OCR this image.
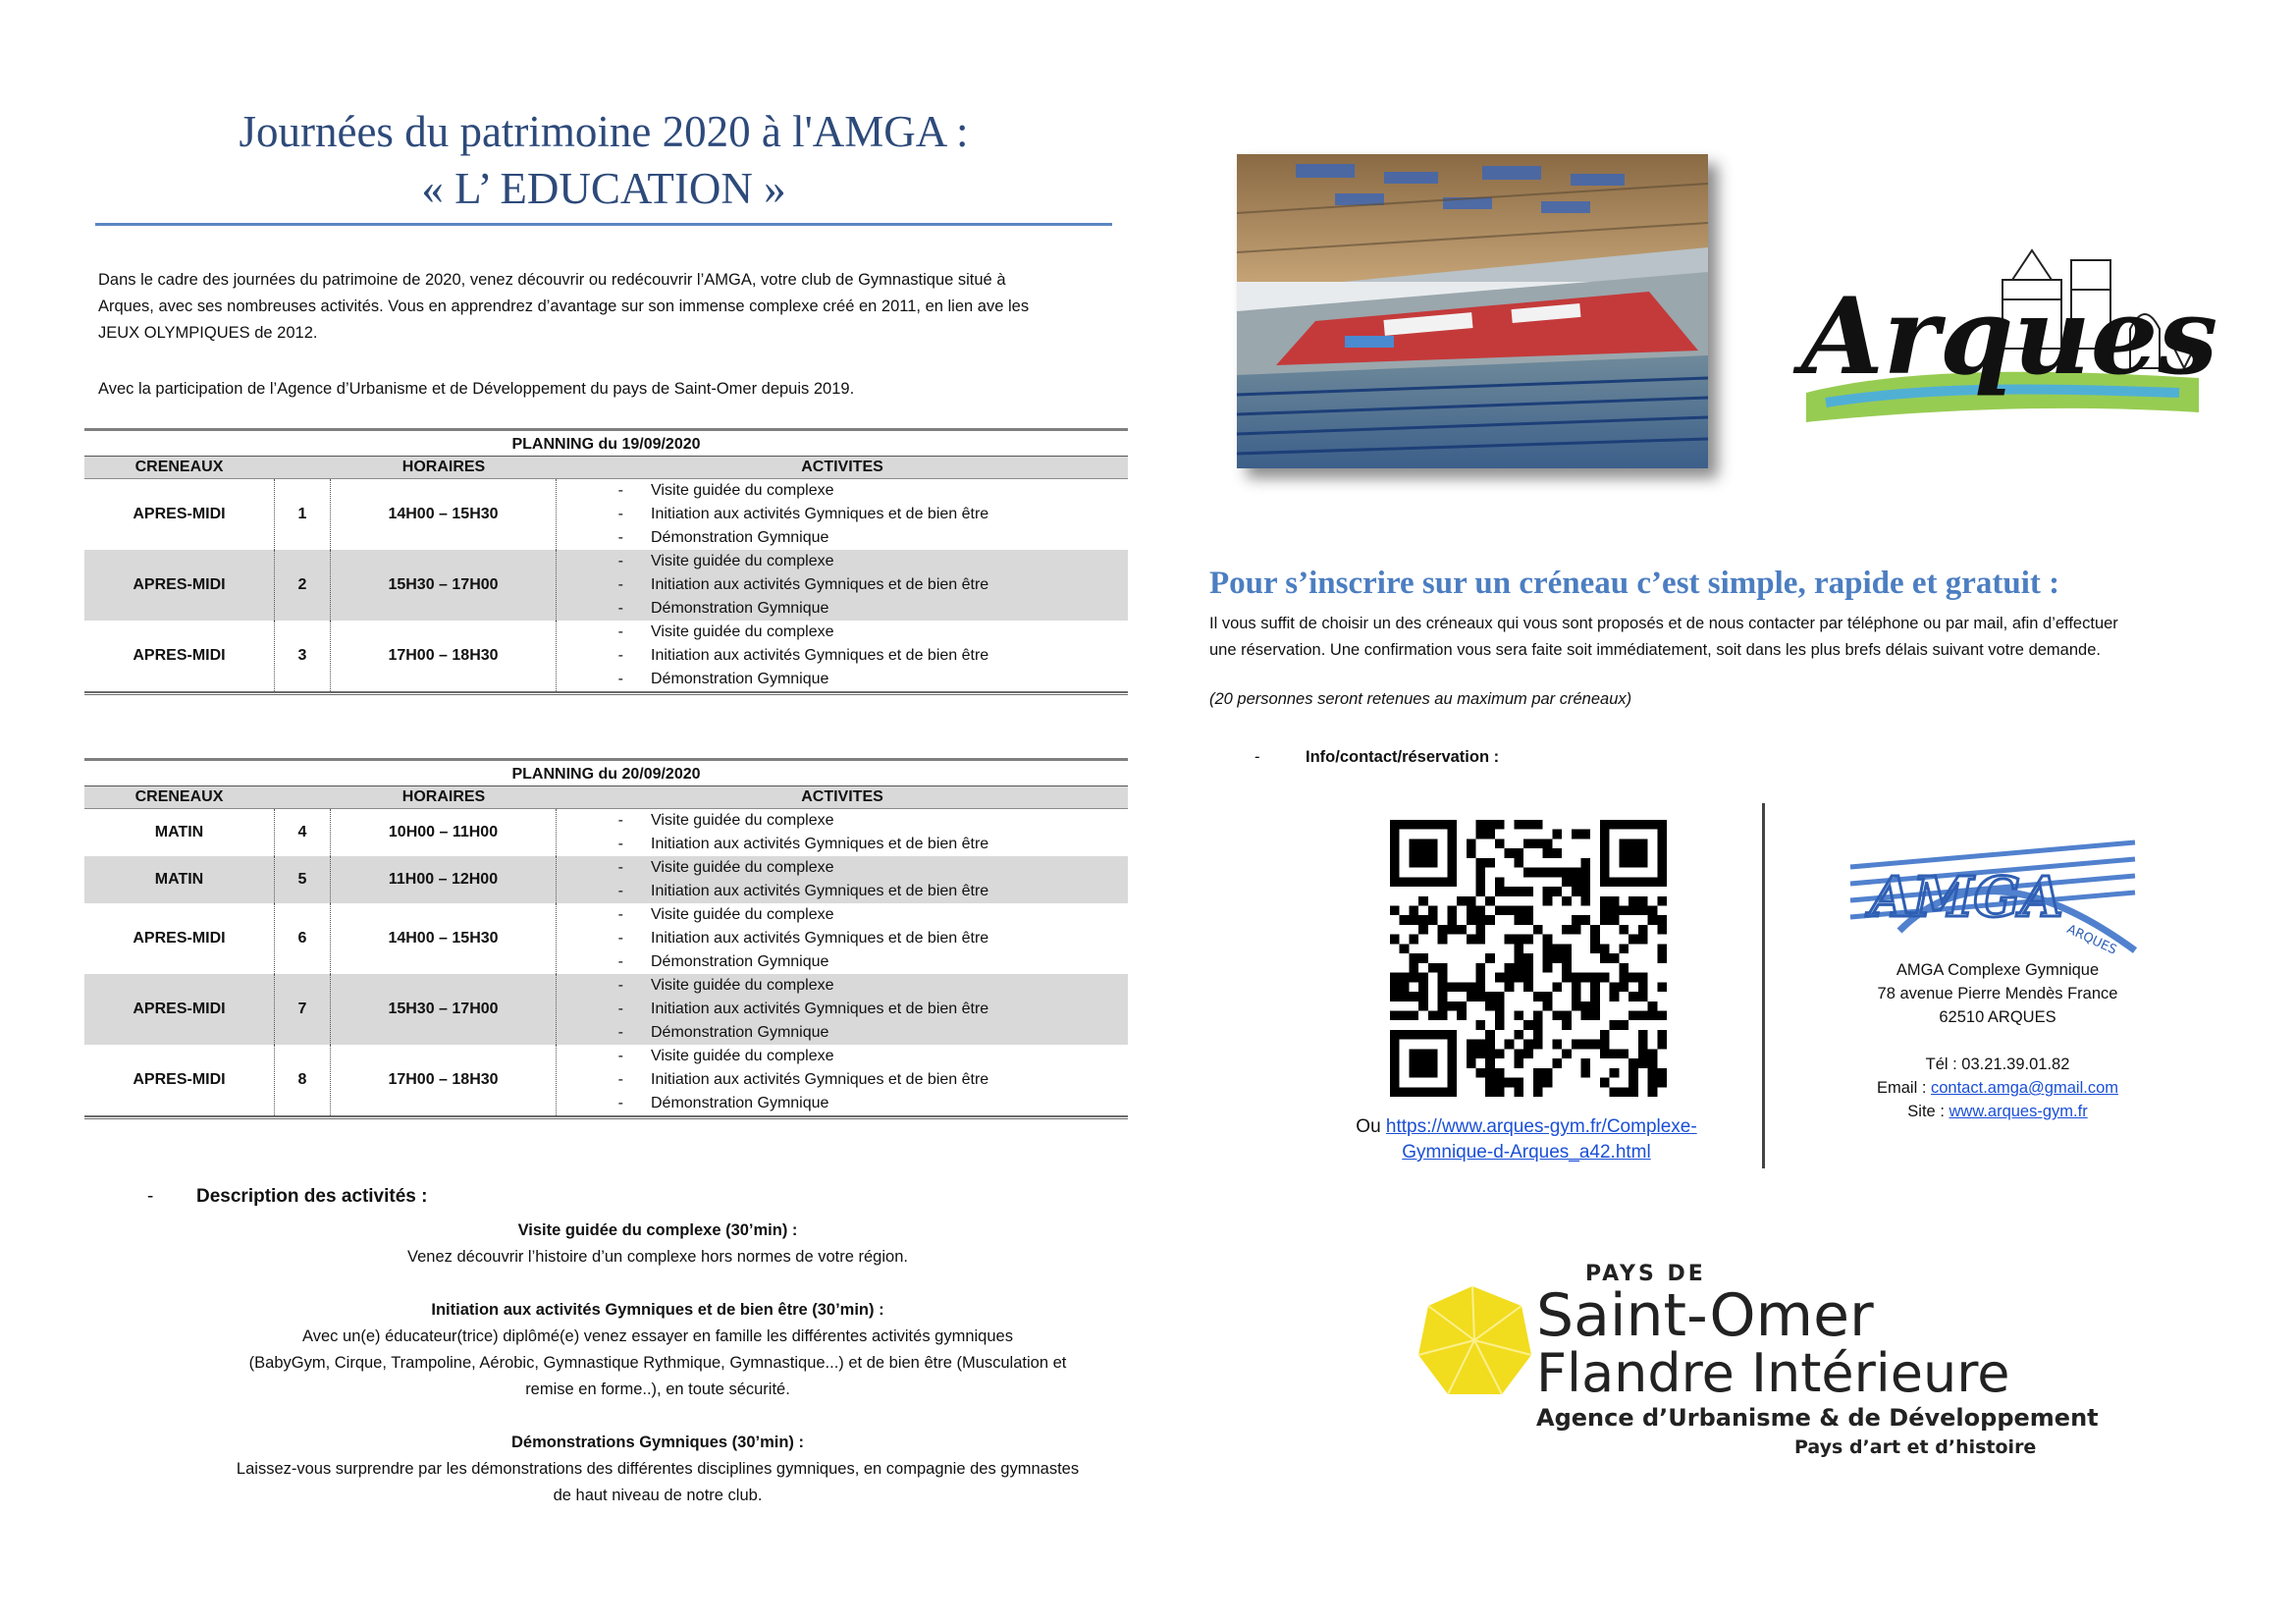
Journées du patrimoine 2020 à l'AMGA :
« L’ EDUCATION »
Dans le cadre des journées du patrimoine de 2020, venez découvrir ou redécouvrir l’AMGA, votre club de Gymnastique situé à
Arques, avec ses nombreuses activités. Vous en apprendrez d’avantage sur son immense complexe créé en 2011, en lien ave les
JEUX OLYMPIQUES de 2012.
Avec la participation de l’Agence d’Urbanisme et de Développement du pays de Saint-Omer depuis 2019.
PLANNING du 19/09/2020
CRENEAUX	HORAIRES	ACTIVITES
APRES-MIDI	1	14H00 – 15H30
-	Visite guidée du complexe
-	Initiation aux activités Gymniques et de bien être
-	Démonstration Gymnique
APRES-MIDI	2	15H30 – 17H00
-	Visite guidée du complexe
-	Initiation aux activités Gymniques et de bien être
-	Démonstration Gymnique
APRES-MIDI	3	17H00 – 18H30
-	Visite guidée du complexe
-	Initiation aux activités Gymniques et de bien être
-	Démonstration Gymnique
PLANNING du 20/09/2020
CRENEAUX	HORAIRES	ACTIVITES
MATIN	4	10H00 – 11H00
-	Visite guidée du complexe
-	Initiation aux activités Gymniques et de bien être
MATIN	5	11H00 – 12H00
-	Visite guidée du complexe
-	Initiation aux activités Gymniques et de bien être
APRES-MIDI	6	14H00 – 15H30
-	Visite guidée du complexe
-	Initiation aux activités Gymniques et de bien être
-	Démonstration Gymnique
APRES-MIDI	7	15H30 – 17H00
-	Visite guidée du complexe
-	Initiation aux activités Gymniques et de bien être
-	Démonstration Gymnique
APRES-MIDI	8	17H00 – 18H30
-	Visite guidée du complexe
-	Initiation aux activités Gymniques et de bien être
-	Démonstration Gymnique
- Description des activités :
Visite guidée du complexe (30’min) :
Venez découvrir l’histoire d’un complexe hors normes de votre région.
Initiation aux activités Gymniques et de bien être (30’min) :
Avec un(e) éducateur(trice) diplômé(e) venez essayer en famille les différentes activités gymniques
(BabyGym, Cirque, Trampoline, Aérobic, Gymnastique Rythmique, Gymnastique...) et de bien être (Musculation et
remise en forme..), en toute sécurité.
Démonstrations Gymniques (30’min) :
Laissez-vous surprendre par les démonstrations des différentes disciplines gymniques, en compagnie des gymnastes
de haut niveau de notre club.
Arques
Pour s’inscrire sur un créneau c’est simple, rapide et gratuit :
Il vous suffit de choisir un des créneaux qui vous sont proposés et de nous contacter par téléphone ou par mail, afin d’effectuer
une réservation. Une confirmation vous sera faite soit immédiatement, soit dans les plus brefs délais suivant votre demande.
(20 personnes seront retenues au maximum par créneaux)
-	Info/contact/réservation :
Ou https://www.arques-gym.fr/Complexe-
Gymnique-d-Arques_a42.html
AMGA
ARQUES
AMGA Complexe Gymnique
78 avenue Pierre Mendès France
62510 ARQUES
Tél : 03.21.39.01.82
Email : contact.amga@gmail.com
Site : www.arques-gym.fr
PAYS DE
Saint-Omer
Flandre Intérieure
Agence d’Urbanisme & de Développement
Pays d’art et d’histoire
